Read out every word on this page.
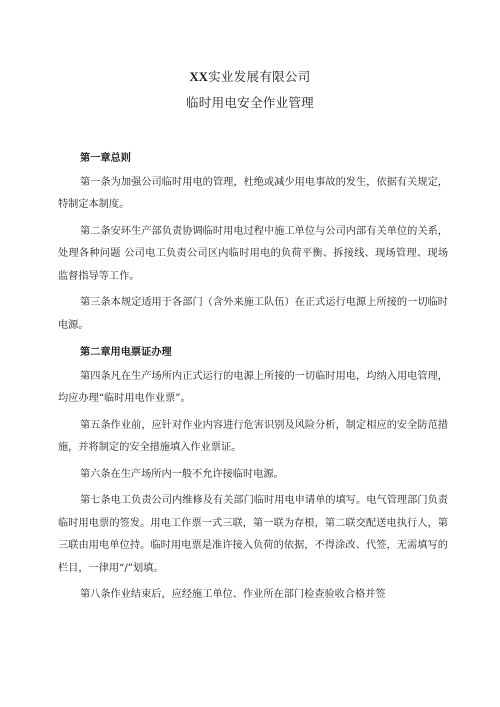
XX实业发展有限公司
临时用电安全作业管理
第一章总则
第一条为加强公司临时用电的管理，杜绝或减少用电事故的发生，依据有关规定，特制定本制度。
第二条安环生产部负责协调临时用电过程中施工单位与公司内部有关单位的关系，处理各种问题 公司电工负责公司区内临时用电的负荷平衡、拆接线、现场管理、现场监督指导等工作。
第三条本规定适用于各部门（含外来施工队伍）在正式运行电源上所接的一切临时电源。
第二章用电票证办理
第四条凡在生产场所内正式运行的电源上所接的一切临时用电，均纳入用电管理，均应办理“临时用电作业票”。
第五条作业前，应针对作业内容进行危害识别及风险分析，制定相应的安全防范措施，并将制定的安全措施填入作业票证。
第六条在生产场所内一般不允许接临时电源。
第七条电工负责公司内维修及有关部门临时用电申请单的填写。电气管理部门负责临时用电票的签发。用电工作票一式三联，第一联为存根，第二联交配送电执行人，第三联由用电单位持。临时用电票是准许接入负荷的依据，不得涂改、代签，无需填写的栏目，一律用“/”划填。
第八条作业结束后，应经施工单位、作业所在部门检查验收合格并签
